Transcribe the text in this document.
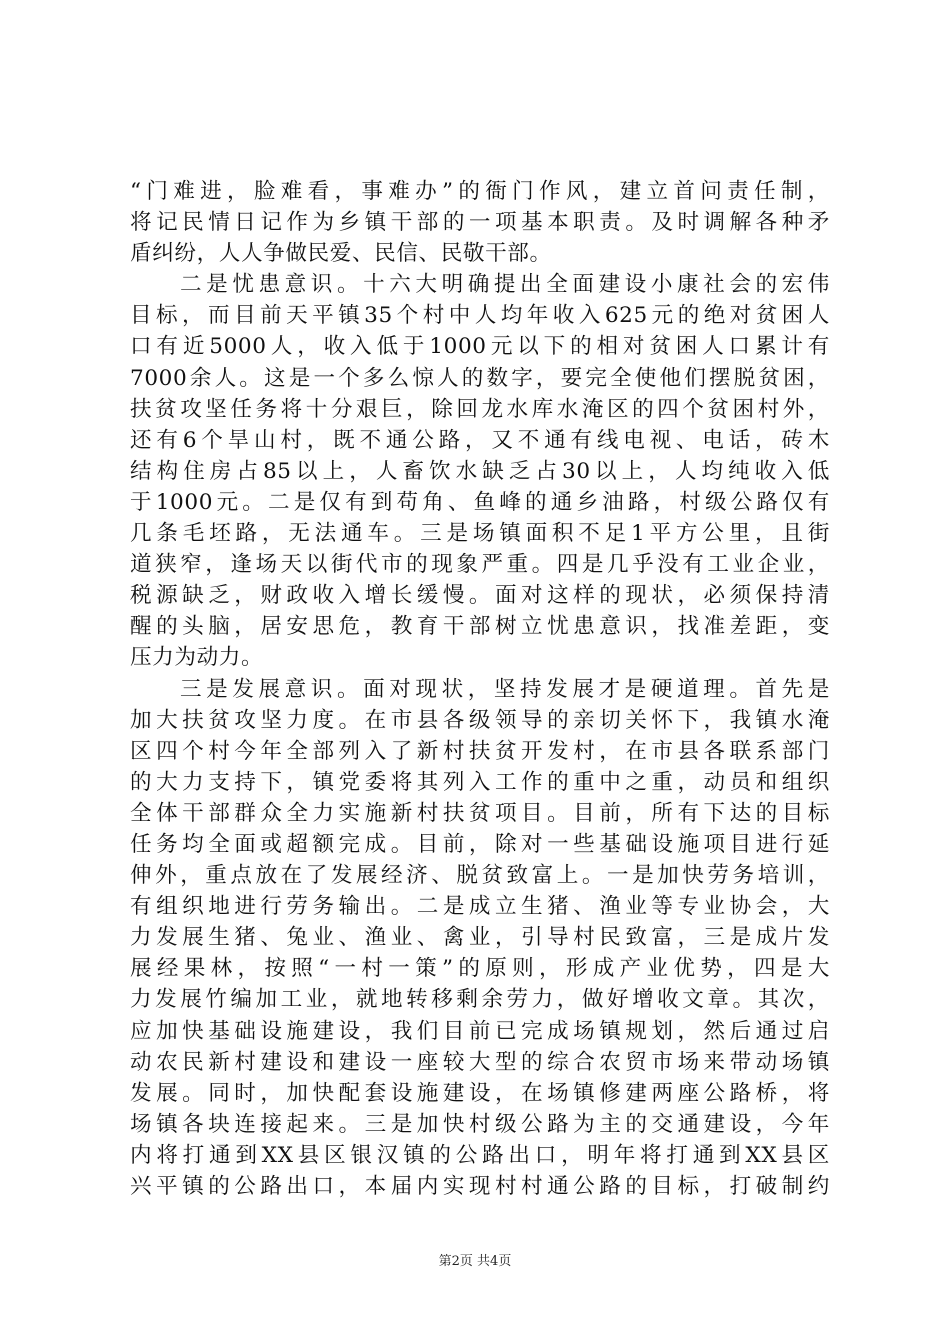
“门难进，脸难看，事难办”的衙门作风，建立首问责任制，
将记民情日记作为乡镇干部的一项基本职责。及时调解各种矛
盾纠纷，人人争做民爱、民信、民敬干部。
二是忧患意识。十六大明确提出全面建设小康社会的宏伟
目标，而目前天平镇35个村中人均年收入625元的绝对贫困人
口有近5000人，收入低于1000元以下的相对贫困人口累计有
7000余人。这是一个多么惊人的数字，要完全使他们摆脱贫困，
扶贫攻坚任务将十分艰巨，除回龙水库水淹区的四个贫困村外，
还有6个旱山村，既不通公路，又不通有线电视、电话，砖木
结构住房占85以上，人畜饮水缺乏占30以上，人均纯收入低
于1000元。二是仅有到苟角、鱼峰的通乡油路，村级公路仅有
几条毛坯路，无法通车。三是场镇面积不足1平方公里，且街
道狭窄，逢场天以街代市的现象严重。四是几乎没有工业企业，
税源缺乏，财政收入增长缓慢。面对这样的现状，必须保持清
醒的头脑，居安思危，教育干部树立忧患意识，找准差距，变
压力为动力。
三是发展意识。面对现状，坚持发展才是硬道理。首先是
加大扶贫攻坚力度。在市县各级领导的亲切关怀下，我镇水淹
区四个村今年全部列入了新村扶贫开发村，在市县各联系部门
的大力支持下，镇党委将其列入工作的重中之重，动员和组织
全体干部群众全力实施新村扶贫项目。目前，所有下达的目标
任务均全面或超额完成。目前，除对一些基础设施项目进行延
伸外，重点放在了发展经济、脱贫致富上。一是加快劳务培训，
有组织地进行劳务输出。二是成立生猪、渔业等专业协会，大
力发展生猪、兔业、渔业、禽业，引导村民致富，三是成片发
展经果林，按照“一村一策”的原则，形成产业优势，四是大
力发展竹编加工业，就地转移剩余劳力，做好增收文章。其次，
应加快基础设施建设，我们目前已完成场镇规划，然后通过启
动农民新村建设和建设一座较大型的综合农贸市场来带动场镇
发展。同时，加快配套设施建设，在场镇修建两座公路桥，将
场镇各块连接起来。三是加快村级公路为主的交通建设，今年
内将打通到XX县区银汉镇的公路出口，明年将打通到XX县区
兴平镇的公路出口，本届内实现村村通公路的目标，打破制约
第2页 共4页
